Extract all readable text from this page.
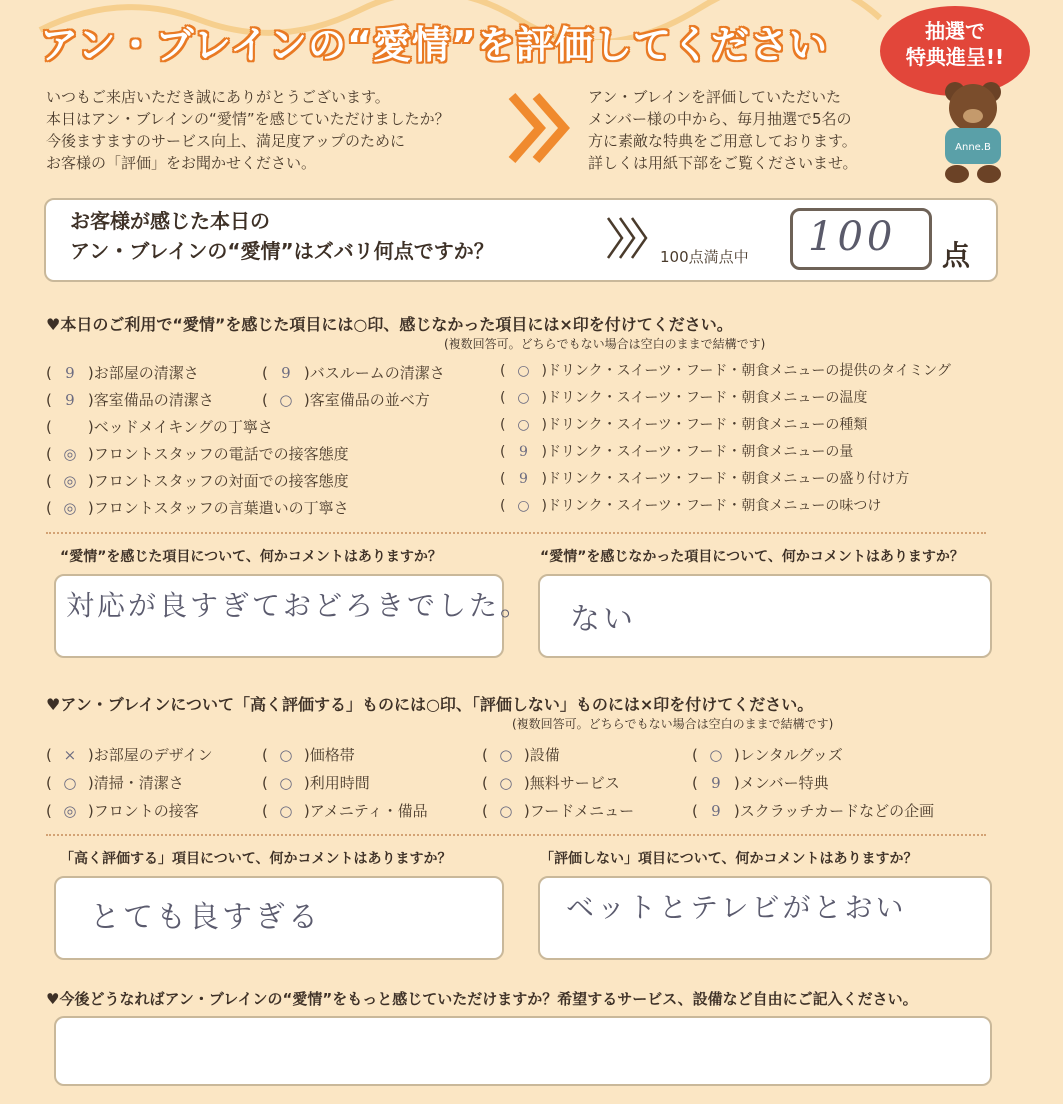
アン・ブレインの“愛情”を評価してください	抽選で
特典進呈!!
Anne.B
いつもご来店いただき誠にありがとうございます。
本日はアン・ブレインの“愛情”を感じていただけましたか？
今後ますますのサービス向上、満足度アップのために
お客様の「評価」をお聞かせください。
アン・ブレインを評価していただいた
メンバー様の中から、毎月抽選で5名の
方に素敵な特典をご用意しております。
詳しくは用紙下部をご覧くださいませ。
お客様が感じた本日の
アン・ブレインの“愛情”はズバリ何点ですか？	100点満点中 100 点
♥本日のご利用で“愛情”を感じた項目には○印、感じなかった項目には×印を付けてください。
(複数回答可。どちらでもない場合は空白のままで結構です)
( 9 )お部屋の清潔さ
( 9 )客室備品の清潔さ
( )ベッドメイキングの丁寧さ
( ◎ )フロントスタッフの電話での接客態度
( ◎ )フロントスタッフの対面での接客態度
( ◎ )フロントスタッフの言葉遣いの丁寧さ
( 9 )バスルームの清潔さ
( ○ )客室備品の並べ方
( ○ )ドリンク・スイーツ・フード・朝食メニューの提供のタイミング
( ○ )ドリンク・スイーツ・フード・朝食メニューの温度
( ○ )ドリンク・スイーツ・フード・朝食メニューの種類
( 9 )ドリンク・スイーツ・フード・朝食メニューの量
( 9 )ドリンク・スイーツ・フード・朝食メニューの盛り付け方
( ○ )ドリンク・スイーツ・フード・朝食メニューの味つけ
“愛情”を感じた項目について、何かコメントはありますか？
対応が良すぎておどろきでした。
“愛情”を感じなかった項目について、何かコメントはありますか？
ない
♥アン・ブレインについて「高く評価する」ものには○印、「評価しない」ものには×印を付けてください。
(複数回答可。どちらでもない場合は空白のままで結構です)
( × )お部屋のデザイン
( ○ )清掃・清潔さ
( ◎ )フロントの接客
( ○ )価格帯
( ○ )利用時間
( ○ )アメニティ・備品
( ○ )設備
( ○ )無料サービス
( ○ )フードメニュー
( ○ )レンタルグッズ
( 9 )メンバー特典
( 9 )スクラッチカードなどの企画
「高く評価する」項目について、何かコメントはありますか？
とても良すぎる
「評価しない」項目について、何かコメントはありますか？
ベットとテレビがとおい
♥今後どうなればアン・ブレインの“愛情”をもっと感じていただけますか？希望するサービス、設備など自由にご記入ください。
